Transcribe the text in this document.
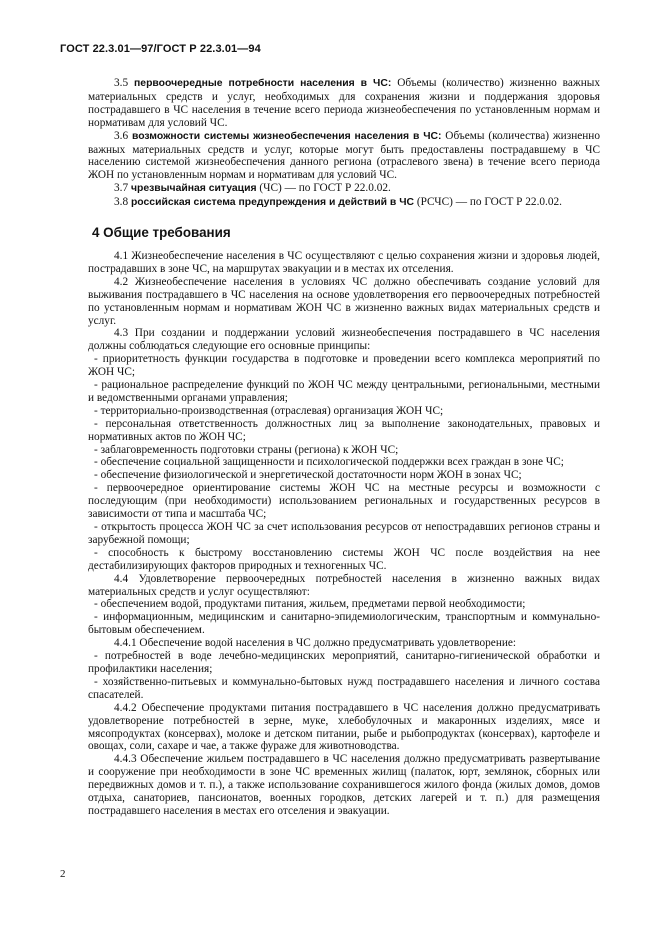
ГОСТ 22.3.01—97/ГОСТ Р 22.3.01—94

3.5 первоочередные потребности населения в ЧС: Объемы (количество) жизненно важных материальных средств и услуг, необходимых для сохранения жизни и поддержания здоровья пострадавшего в ЧС населения в течение всего периода жизнеобеспечения по установленным нормам и нормативам для условий ЧС.

3.6 возможности системы жизнеобеспечения населения в ЧС: Объемы (количества) жизненно важных материальных средств и услуг, которые могут быть предоставлены пострадавшему в ЧС населению системой жизнеобеспечения данного региона (отраслевого звена) в течение всего периода ЖОН по установленным нормам и нормативам для условий ЧС.

3.7 чрезвычайная ситуация (ЧС) — по ГОСТ Р 22.0.02.

3.8 российская система предупреждения и действий в ЧС (РСЧС) — по ГОСТ Р 22.0.02.

4 Общие требования

4.1 Жизнеобеспечение населения в ЧС осуществляют с целью сохранения жизни и здоровья людей, пострадавших в зоне ЧС, на маршрутах эвакуации и в местах их отселения.

4.2 Жизнеобеспечение населения в условиях ЧС должно обеспечивать создание условий для выживания пострадавшего в ЧС населения на основе удовлетворения его первоочередных потребностей по установленным нормам и нормативам ЖОН ЧС в жизненно важных видах материальных средств и услуг.

4.3 При создании и поддержании условий жизнеобеспечения пострадавшего в ЧС населения должны соблюдаться следующие его основные принципы:

- приоритетность функции государства в подготовке и проведении всего комплекса мероприятий по ЖОН ЧС;

- рациональное распределение функций по ЖОН ЧС между центральными, региональными, местными и ведомственными органами управления;

- территориально-производственная (отраслевая) организация ЖОН ЧС;

- персональная ответственность должностных лиц за выполнение законодательных, правовых и нормативных актов по ЖОН ЧС;

- заблаговременность подготовки страны (региона) к ЖОН ЧС;

- обеспечение социальной защищенности и психологической поддержки всех граждан в зоне ЧС;

- обеспечение физиологической и энергетической достаточности норм ЖОН в зонах ЧС;

- первоочередное ориентирование системы ЖОН ЧС на местные ресурсы и возможности с последующим (при необходимости) использованием региональных и государственных ресурсов в зависимости от типа и масштаба ЧС;

- открытость процесса ЖОН ЧС за счет использования ресурсов от непострадавших регионов страны и зарубежной помощи;

- способность к быстрому восстановлению системы ЖОН ЧС после воздействия на нее дестабилизирующих факторов природных и техногенных ЧС.

4.4 Удовлетворение первоочередных потребностей населения в жизненно важных видах материальных средств и услуг осуществляют:

- обеспечением водой, продуктами питания, жильем, предметами первой необходимости;

- информационным, медицинским и санитарно-эпидемиологическим, транспортным и коммунально-бытовым обеспечением.

4.4.1 Обеспечение водой населения в ЧС должно предусматривать удовлетворение:

- потребностей в воде лечебно-медицинских мероприятий, санитарно-гигиенической обработки и профилактики населения;

- хозяйственно-питьевых и коммунально-бытовых нужд пострадавшего населения и личного состава спасателей.

4.4.2 Обеспечение продуктами питания пострадавшего в ЧС населения должно предусматривать удовлетворение потребностей в зерне, муке, хлебобулочных и макаронных изделиях, мясе и мясопродуктах (консервах), молоке и детском питании, рыбе и рыбопродуктах (консервах), картофеле и овощах, соли, сахаре и чае, а также фураже для животноводства.

4.4.3 Обеспечение жильем пострадавшего в ЧС населения должно предусматривать развертывание и сооружение при необходимости в зоне ЧС временных жилищ (палаток, юрт, землянок, сборных или передвижных домов и т. п.), а также использование сохранившегося жилого фонда (жилых домов, домов отдыха, санаториев, пансионатов, военных городков, детских лагерей и т. п.) для размещения пострадавшего населения в местах его отселения и эвакуации.

2
